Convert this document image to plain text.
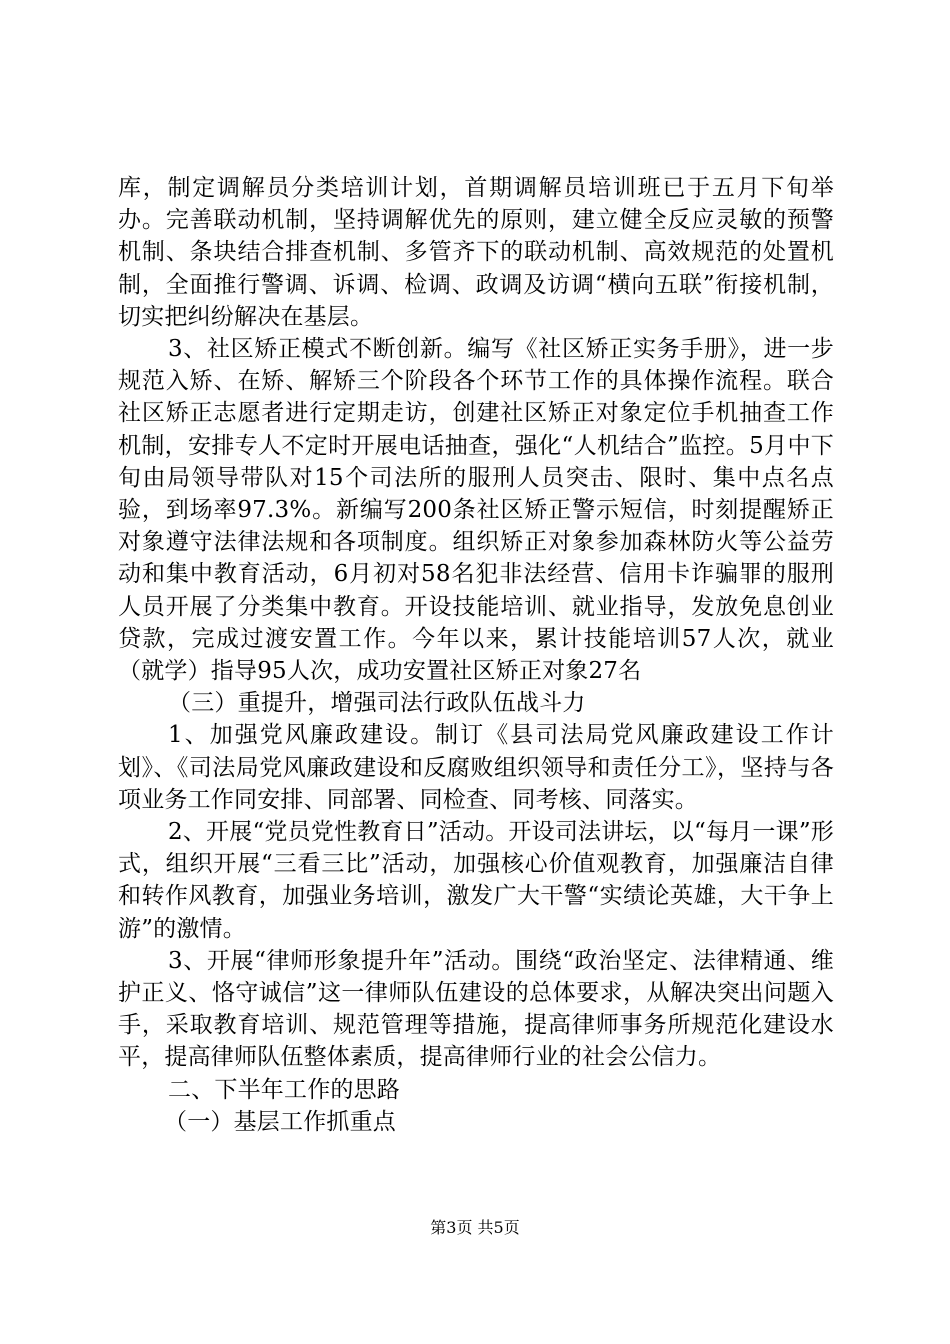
库，制定调解员分类培训计划，首期调解员培训班已于五月下旬举办。完善联动机制，坚持调解优先的原则，建立健全反应灵敏的预警机制、条块结合排查机制、多管齐下的联动机制、高效规范的处置机制，全面推行警调、诉调、检调、政调及访调“横向五联”衔接机制，切实把纠纷解决在基层。

3、社区矫正模式不断创新。编写《社区矫正实务手册》，进一步规范入矫、在矫、解矫三个阶段各个环节工作的具体操作流程。联合社区矫正志愿者进行定期走访，创建社区矫正对象定位手机抽查工作机制，安排专人不定时开展电话抽查，强化“人机结合”监控。5月中下旬由局领导带队对15个司法所的服刑人员突击、限时、集中点名点验，到场率97.3%。新编写200条社区矫正警示短信，时刻提醒矫正对象遵守法律法规和各项制度。组织矫正对象参加森林防火等公益劳动和集中教育活动，6月初对58名犯非法经营、信用卡诈骗罪的服刑人员开展了分类集中教育。开设技能培训、就业指导，发放免息创业贷款，完成过渡安置工作。今年以来，累计技能培训57人次，就业（就学）指导95人次，成功安置社区矫正对象27名

（三）重提升，增强司法行政队伍战斗力

1、加强党风廉政建设。制订《县司法局党风廉政建设工作计划》、《司法局党风廉政建设和反腐败组织领导和责任分工》，坚持与各项业务工作同安排、同部署、同检查、同考核、同落实。

2、开展“党员党性教育日”活动。开设司法讲坛，以“每月一课”形式，组织开展“三看三比”活动，加强核心价值观教育，加强廉洁自律和转作风教育，加强业务培训，激发广大干警“实绩论英雄，大干争上游”的激情。

3、开展“律师形象提升年”活动。围绕“政治坚定、法律精通、维护正义、恪守诚信”这一律师队伍建设的总体要求，从解决突出问题入手，采取教育培训、规范管理等措施，提高律师事务所规范化建设水平，提高律师队伍整体素质，提高律师行业的社会公信力。

二、下半年工作的思路

（一）基层工作抓重点

第3页 共5页
